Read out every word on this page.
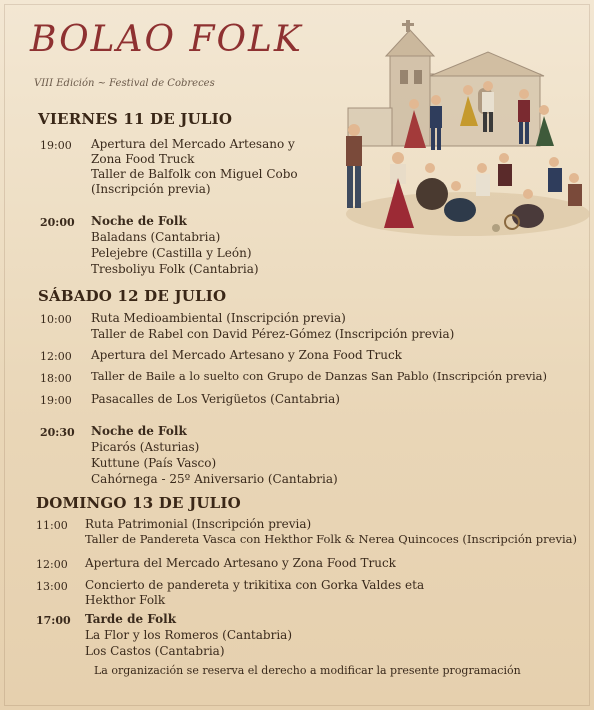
BOLAO FOLK
VIII Edición ~ Festival de Cobreces
VIERNES 11 DE JULIO
19:00 Apertura del Mercado Artesano y
Zona Food Truck
Taller de Balfolk con Miguel Cobo
(Inscripción previa)
20:00 Noche de Folk
Baladans (Cantabria)
Pelejebre (Castilla y León)
Tresboliyu Folk (Cantabria)
SÁBADO 12 DE JULIO
10:00 Ruta Medioambiental (Inscripción previa)
Taller de Rabel con David Pérez-Gómez (Inscripción previa)
12:00 Apertura del Mercado Artesano y Zona Food Truck
18:00 Taller de Baile a lo suelto con Grupo de Danzas San Pablo (Inscripción previa)
19:00 Pasacalles de Los Verigüetos (Cantabria)
20:30 Noche de Folk
Picarós (Asturias)
Kuttune (País Vasco)
Cahórnega - 25º Aniversario (Cantabria)
DOMINGO 13 DE JULIO
11:00 Ruta Patrimonial (Inscripción previa)
Taller de Pandereta Vasca con Hekthor Folk & Nerea Quincoces (Inscripción previa)
12:00 Apertura del Mercado Artesano y Zona Food Truck
13:00 Concierto de pandereta y trikitixa con Gorka Valdes eta
Hekthor Folk
17:00 Tarde de Folk
La Flor y los Romeros (Cantabria)
Los Castos (Cantabria)
La organización se reserva el derecho a modificar la presente programación
